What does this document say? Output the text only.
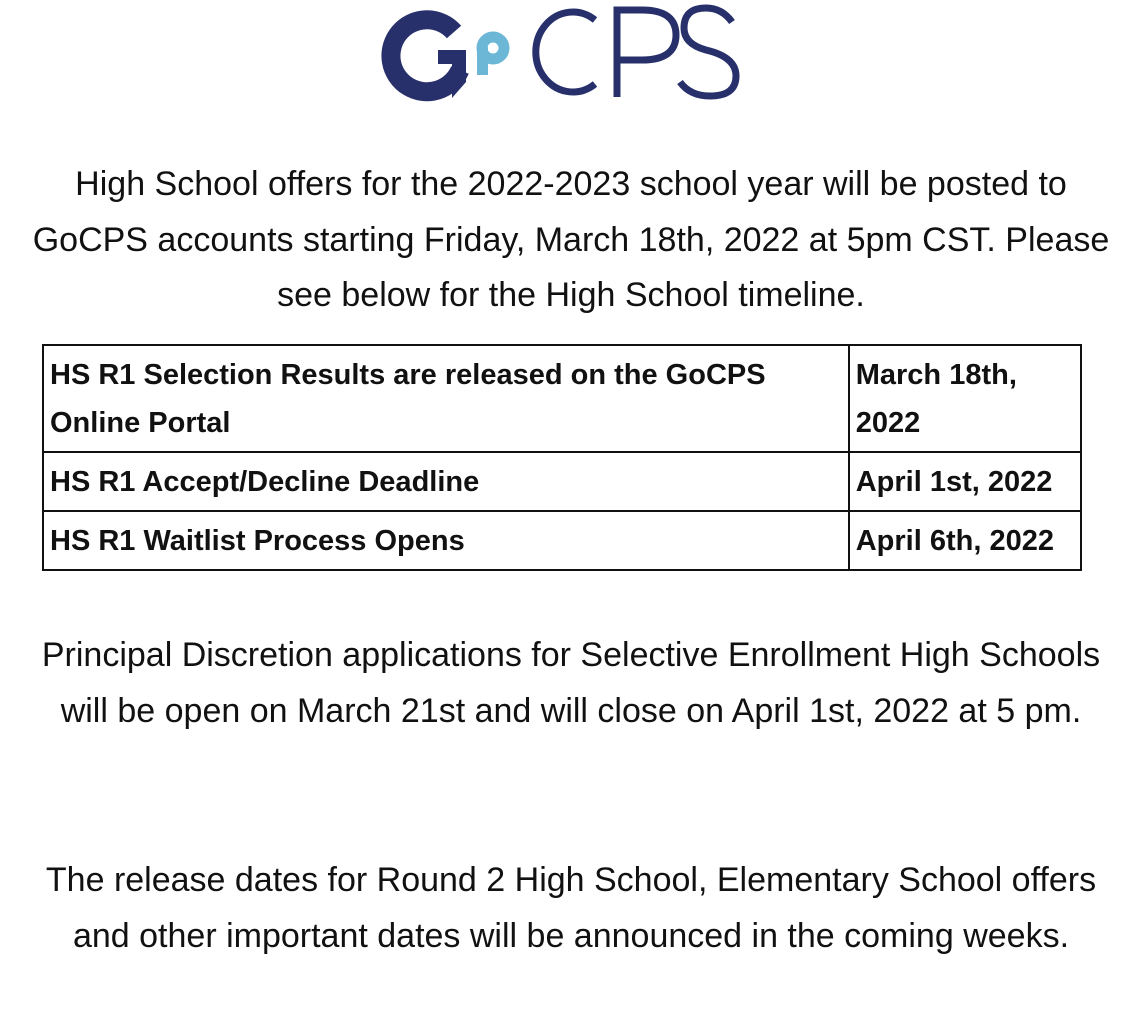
High School offers for the 2022-2023 school year will be posted to GoCPS accounts starting Friday, March 18th, 2022 at 5pm CST. Please see below for the High School timeline.

HS R1 Selection Results are released on the GoCPS Online Portal	March 18th, 2022
HS R1 Accept/Decline Deadline	April 1st, 2022
HS R1 Waitlist Process Opens	April 6th, 2022

Principal Discretion applications for Selective Enrollment High Schools will be open on March 21st and will close on April 1st, 2022 at 5 pm.

The release dates for Round 2 High School, Elementary School offers and other important dates will be announced in the coming weeks.
